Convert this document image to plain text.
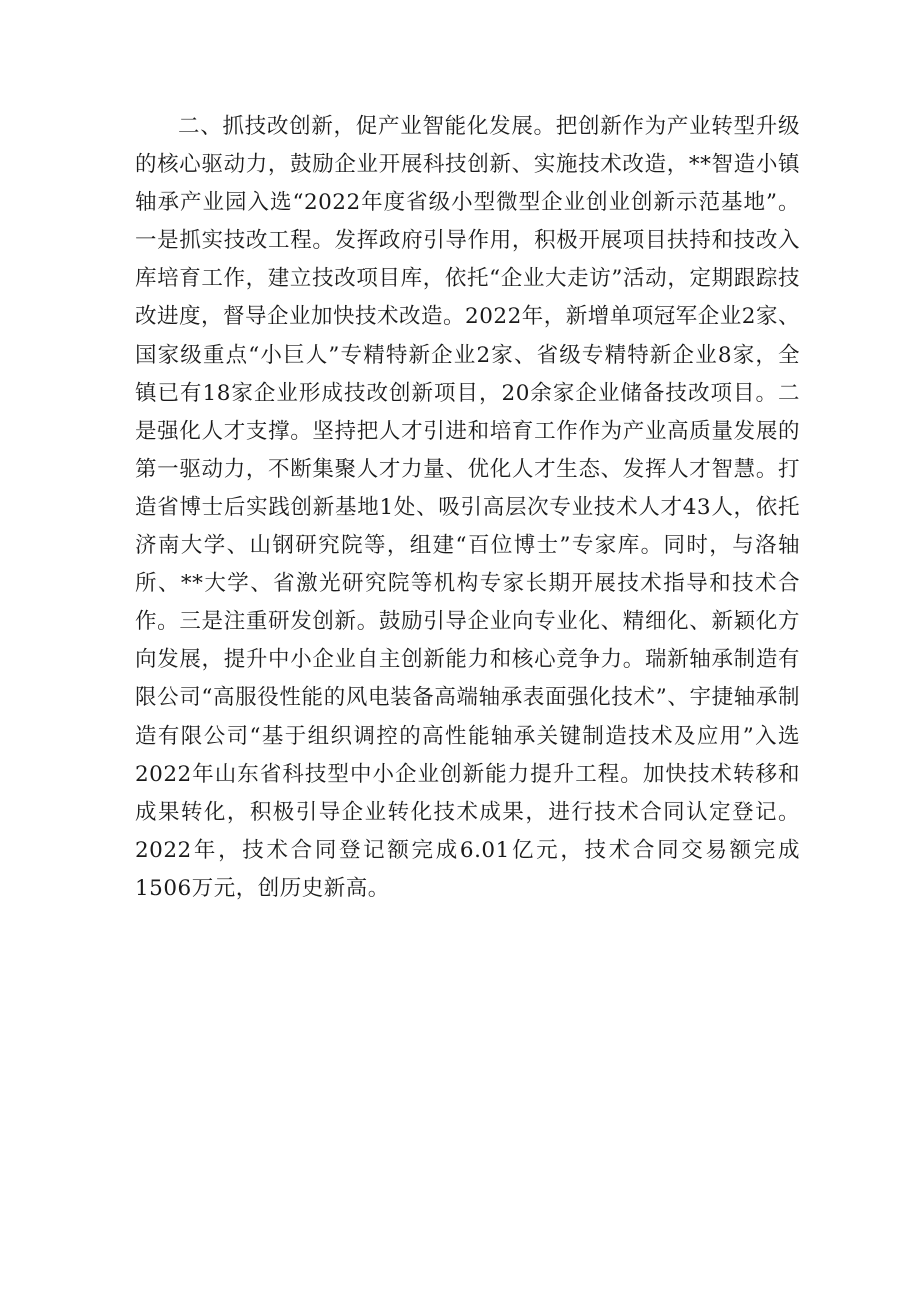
二、抓技改创新，促产业智能化发展。把创新作为产业转型升级的核心驱动力，鼓励企业开展科技创新、实施技术改造，**智造小镇轴承产业园入选“2022年度省级小型微型企业创业创新示范基地”。一是抓实技改工程。发挥政府引导作用，积极开展项目扶持和技改入库培育工作，建立技改项目库，依托“企业大走访”活动，定期跟踪技改进度，督导企业加快技术改造。2022年，新增单项冠军企业2家、国家级重点“小巨人”专精特新企业2家、省级专精特新企业8家，全镇已有18家企业形成技改创新项目，20余家企业储备技改项目。二是强化人才支撑。坚持把人才引进和培育工作作为产业高质量发展的第一驱动力，不断集聚人才力量、优化人才生态、发挥人才智慧。打造省博士后实践创新基地1处、吸引高层次专业技术人才43人，依托济南大学、山钢研究院等，组建“百位博士”专家库。同时，与洛轴所、**大学、省激光研究院等机构专家长期开展技术指导和技术合作。三是注重研发创新。鼓励引导企业向专业化、精细化、新颖化方向发展，提升中小企业自主创新能力和核心竞争力。瑞新轴承制造有限公司“高服役性能的风电装备高端轴承表面强化技术”、宇捷轴承制造有限公司“基于组织调控的高性能轴承关键制造技术及应用”入选2022年山东省科技型中小企业创新能力提升工程。加快技术转移和成果转化，积极引导企业转化技术成果，进行技术合同认定登记。2022年，技术合同登记额完成6.01亿元，技术合同交易额完成1506万元，创历史新高。
